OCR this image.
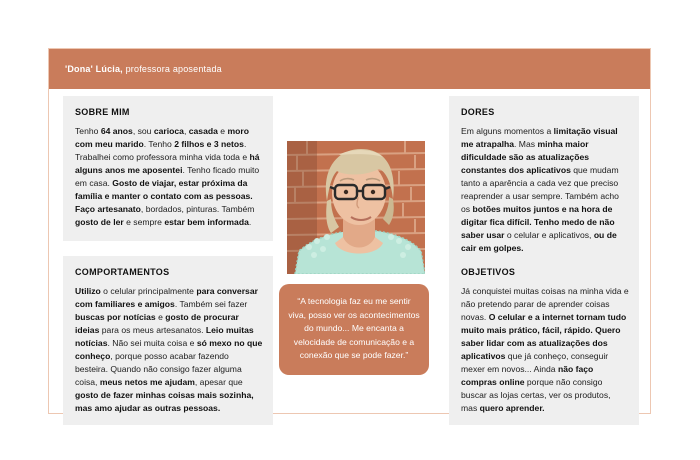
'Dona' Lúcia, professora aposentada
SOBRE MIM

Tenho 64 anos, sou carioca, casada e moro com meu marido. Tenho 2 filhos e 3 netos. Trabalhei como professora minha vida toda e há alguns anos me aposentei. Tenho ficado muito em casa. Gosto de viajar, estar próxima da família e manter o contato com as pessoas. Faço artesanato, bordados, pinturas. Também gosto de ler e sempre estar bem informada.

COMPORTAMENTOS

Utilizo o celular principalmente para conversar com familiares e amigos. Também sei fazer buscas por notícias e gosto de procurar ideias para os meus artesanatos. Leio muitas notícias. Não sei muita coisa e só mexo no que conheço, porque posso acabar fazendo besteira. Quando não consigo fazer alguma coisa, meus netos me ajudam, apesar que gosto de fazer minhas coisas mais sozinha, mas amo ajudar as outras pessoas.

DORES

Em alguns momentos a limitação visual me atrapalha. Mas minha maior dificuldade são as atualizações constantes dos aplicativos que mudam tanto a aparência a cada vez que preciso reaprender a usar sempre. Também acho os botões muitos juntos e na hora de digitar fica difícil. Tenho medo de não saber usar o celular e aplicativos, ou de cair em golpes.

OBJETIVOS

Já conquistei muitas coisas na minha vida e não pretendo parar de aprender coisas novas. O celular e a internet tornam tudo muito mais prático, fácil, rápido. Quero saber lidar com as atualizações dos aplicativos que já conheço, conseguir mexer em novos... Ainda não faço compras online porque não consigo buscar as lojas certas, ver os produtos, mas quero aprender.

“A tecnologia faz eu me sentir viva, posso ver os acontecimentos do mundo... Me encanta a velocidade de comunicação e a conexão que se pode fazer.”
